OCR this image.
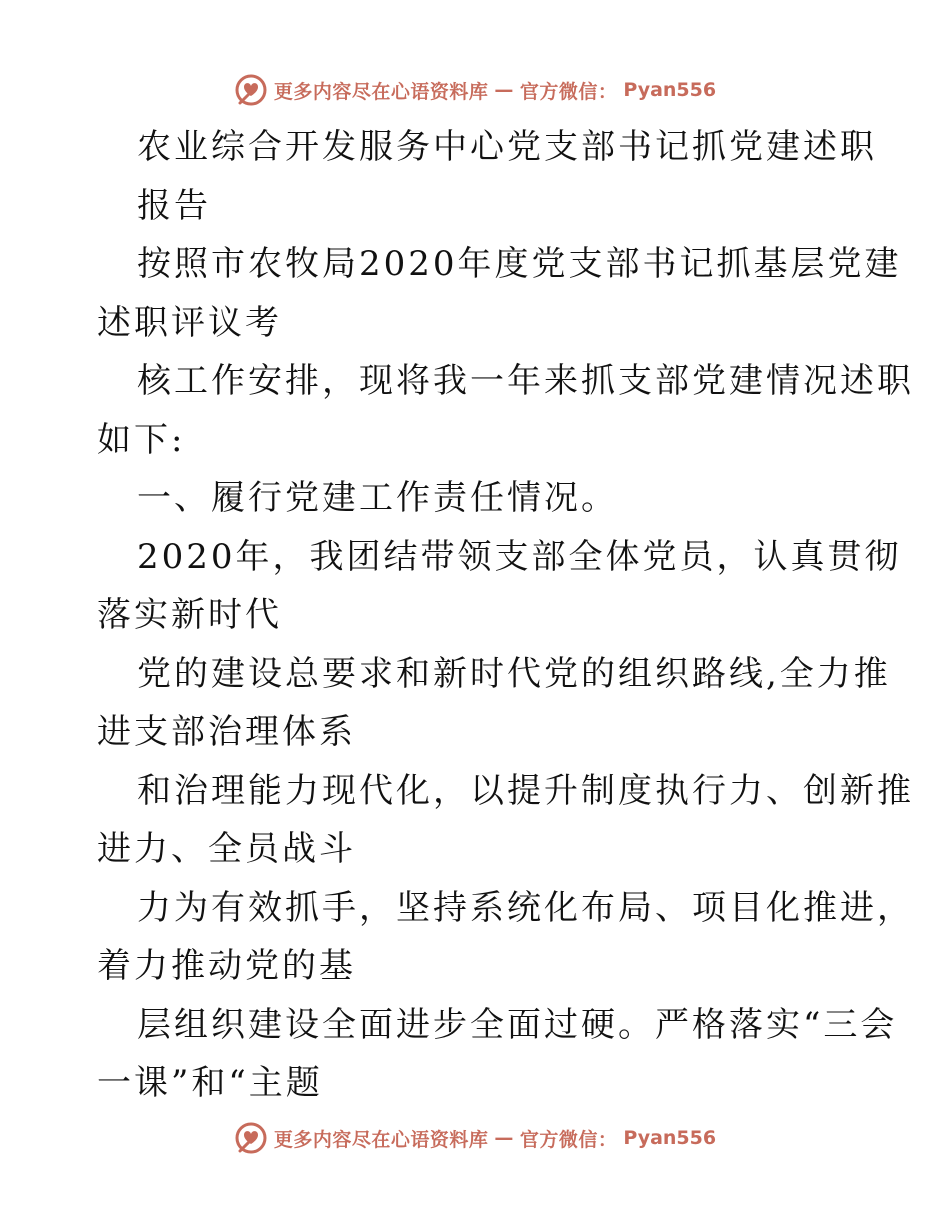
更多内容尽在心语资料库 — 官方微信： Pyan556
农业综合开发服务中心党支部书记抓党建述职
报告
按照市农牧局2020年度党支部书记抓基层党建
述职评议考
核工作安排，现将我一年来抓支部党建情况述职
如下:
一、履行党建工作责任情况。
2020年，我团结带领支部全体党员，认真贯彻
落实新时代
党的建设总要求和新时代党的组织路线,全力推
进支部治理体系
和治理能力现代化，以提升制度执行力、创新推
进力、全员战斗
力为有效抓手，坚持系统化布局、项目化推进，
着力推动党的基
层组织建设全面进步全面过硬。严格落实“三会
一课”和“主题
更多内容尽在心语资料库 — 官方微信： Pyan556
